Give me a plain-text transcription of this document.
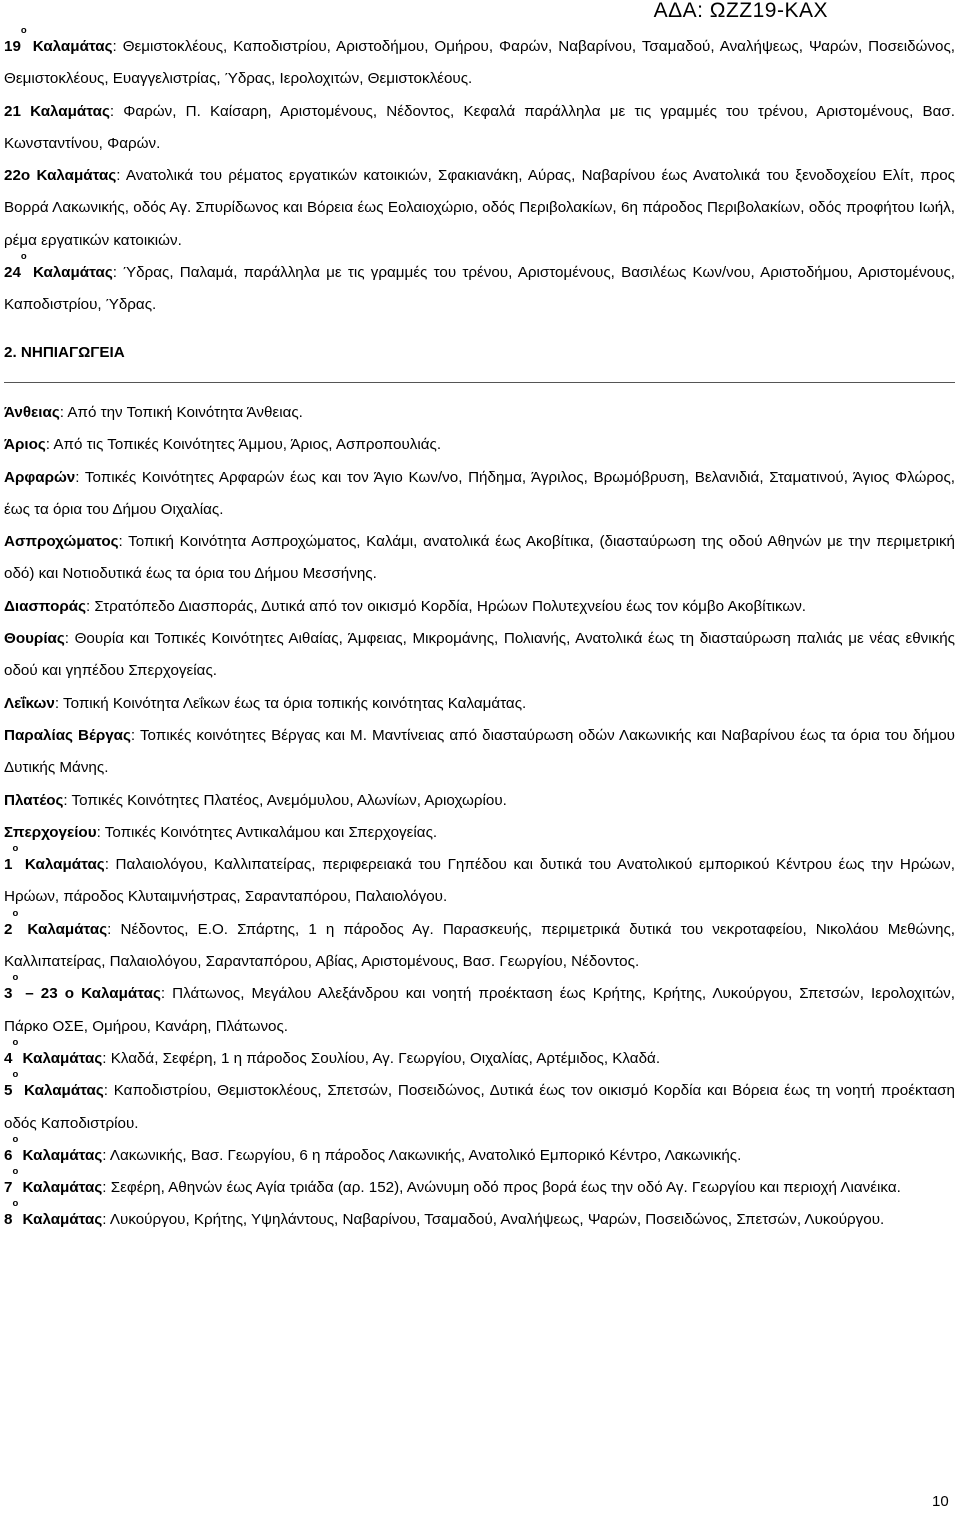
ΑΔΑ: ΩΖΖ19-ΚΑΧ

$19^o$ Καλαμάτας: Θεμιστοκλέους, Καποδιστρίου, Αριστοδήμου, Ομήρου, Φαρών, Ναβαρίνου, Τσαμαδού, Αναλήψεως, Ψαρών, Ποσειδώνος, Θεμιστοκλέους, Ευαγγελιστρίας, Ύδρας, Ιερολοχιτών, Θεμιστοκλέους.

21 Καλαμάτας: Φαρών, Π. Καίσαρη, Αριστομένους, Νέδοντος, Κεφαλά παράλληλα με τις γραμμές του τρένου, Αριστομένους, Βασ. Κωνσταντίνου, Φαρών.

22ο Καλαμάτας: Ανατολικά του ρέματος εργατικών κατοικιών, Σφακιανάκη, Αύρας, Ναβαρίνου έως Ανατολικά του ξενοδοχείου Ελίτ, προς Βορρά Λακωνικής, οδός Αγ. Σπυρίδωνος και Βόρεια έως Εολαιοχώριο, οδός Περιβολακίων, 6η πάροδος Περιβολακίων, οδός προφήτου Ιωήλ, ρέμα εργατικών κατοικιών.

$24^o$ Καλαμάτας: Ύδρας, Παλαμά, παράλληλα με τις γραμμές του τρένου, Αριστομένους, Βασιλέως Κων/νου, Αριστοδήμου, Αριστομένους, Καποδιστρίου, Ύδρας.

2. ΝΗΠΙΑΓΩΓΕΙΑ

Άνθειας: Από την Τοπική Κοινότητα Άνθειας.

Άριος: Από τις Τοπικές Κοινότητες Άμμου, Άριος, Ασπροπουλιάς.

Αρφαρών: Τοπικές Κοινότητες Αρφαρών έως και τον Άγιο Κων/νο, Πήδημα, Άγριλος, Βρωμόβρυση, Βελανιδιά, Σταματινού, Άγιος Φλώρος, έως τα όρια του Δήμου Οιχαλίας.

Ασπροχώματος: Τοπική Κοινότητα Ασπροχώματος, Καλάμι, ανατολικά έως Ακοβίτικα, (διασταύρωση της οδού Αθηνών με την περιμετρική οδό) και Νοτιοδυτικά έως τα όρια του Δήμου Μεσσήνης.

Διασποράς: Στρατόπεδο Διασποράς, Δυτικά από τον οικισμό Κορδία, Ηρώων Πολυτεχνείου έως τον κόμβο Ακοβίτικων.

Θουρίας: Θουρία και Τοπικές Κοινότητες Αιθαίας, Άμφειας, Μικρομάνης, Πολιανής, Ανατολικά έως τη διασταύρωση παλιάς με νέας εθνικής οδού και γηπέδου Σπερχογείας.

Λεΐκων: Τοπική Κοινότητα Λεΐκων έως τα όρια τοπικής κοινότητας Καλαμάτας.

Παραλίας Βέργας: Τοπικές κοινότητες Βέργας και Μ. Μαντίνειας από διασταύρωση οδών Λακωνικής και Ναβαρίνου έως τα όρια του δήμου Δυτικής Μάνης.

Πλατέος: Τοπικές Κοινότητες Πλατέος, Ανεμόμυλου, Αλωνίων, Αριοχωρίου.

Σπερχογείου: Τοπικές Κοινότητες Αντικαλάμου και Σπερχογείας.

$1^o$ Καλαμάτας: Παλαιολόγου, Καλλιπατείρας, περιφερειακά του Γηπέδου και δυτικά του Ανατολικού εμπορικού Κέντρου έως την Ηρώων, Ηρώων, πάροδος Κλυταιμνήστρας, Σαρανταπόρου, Παλαιολόγου.

$2^o$ Καλαμάτας: Νέδοντος, Ε.Ο. Σπάρτης, 1 η πάροδος Αγ. Παρασκευής, περιμετρικά δυτικά του νεκροταφείου, Νικολάου Μεθώνης, Καλλιπατείρας, Παλαιολόγου, Σαρανταπόρου, Αβίας, Αριστομένους, Βασ. Γεωργίου, Νέδοντος.

$3^o - 23$ ο Καλαμάτας: Πλάτωνος, Μεγάλου Αλεξάνδρου και νοητή προέκταση έως Κρήτης, Κρήτης, Λυκούργου, Σπετσών, Ιερολοχιτών, Πάρκο ΟΣΕ, Ομήρου, Κανάρη, Πλάτωνος.

$4^o$ Καλαμάτας: Κλαδά, Σεφέρη, 1 η πάροδος Σουλίου, Αγ. Γεωργίου, Οιχαλίας, Αρτέμιδος, Κλαδά.

$5^o$ Καλαμάτας: Καποδιστρίου, Θεμιστοκλέους, Σπετσών, Ποσειδώνος, Δυτικά έως τον οικισμό Κορδία και Βόρεια έως τη νοητή προέκταση οδός Καποδιστρίου.

$6^o$ Καλαμάτας: Λακωνικής, Βασ. Γεωργίου, 6 η πάροδος Λακωνικής, Ανατολικό Εμπορικό Κέντρο, Λακωνικής.

$7^o$ Καλαμάτας: Σεφέρη, Αθηνών έως Αγία τριάδα (αρ. 152), Ανώνυμη οδό προς βορά έως την οδό Αγ. Γεωργίου και περιοχή Λιανέικα.

$8^o$ Καλαμάτας: Λυκούργου, Κρήτης, Υψηλάντους, Ναβαρίνου, Τσαμαδού, Αναλήψεως, Ψαρών, Ποσειδώνος, Σπετσών, Λυκούργου.

10
